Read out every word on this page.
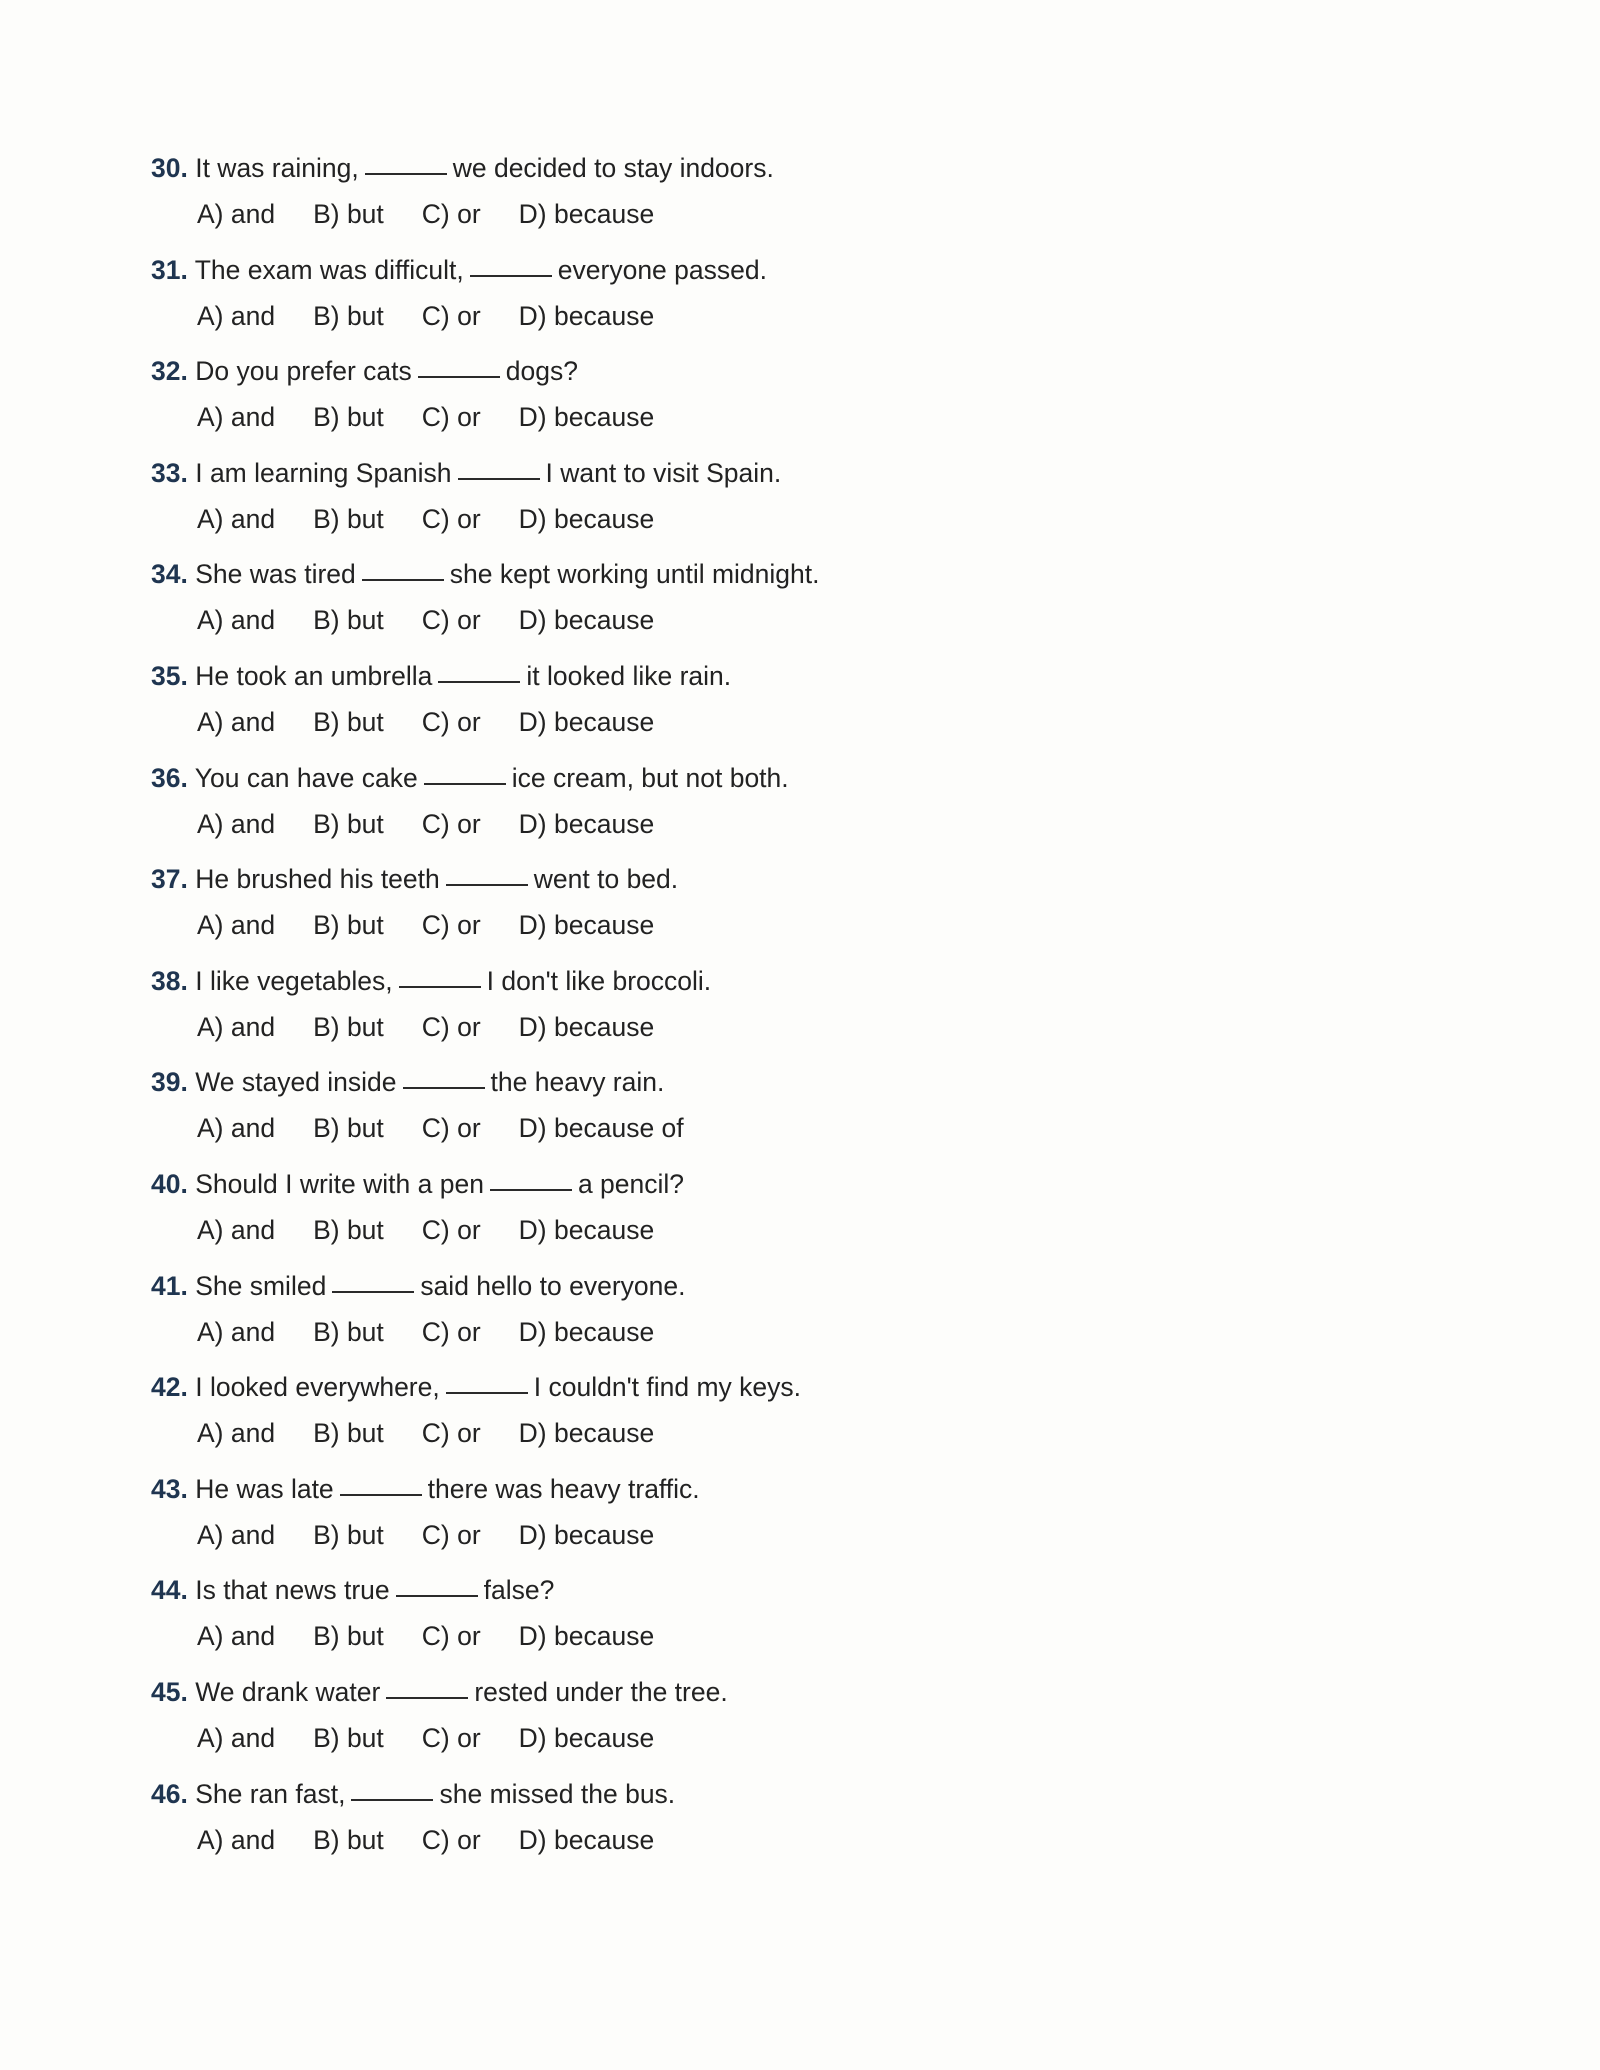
30. It was raining,	we decided to stay indoors.
A) and B) but C) or D) because
31. The exam was difficult,	everyone passed.
A) and B) but C) or D) because
32. Do you prefer cats	dogs?
A) and B) but C) or D) because
33. I am learning Spanish	I want to visit Spain.
A) and B) but C) or D) because
34. She was tired	she kept working until midnight.
A) and B) but C) or D) because
35. He took an umbrella	it looked like rain.
A) and B) but C) or D) because
36. You can have cake	ice cream, but not both.
A) and B) but C) or D) because
37. He brushed his teeth	went to bed.
A) and B) but C) or D) because
38. I like vegetables,	I don't like broccoli.
A) and B) but C) or D) because
39. We stayed inside	the heavy rain.
A) and B) but C) or D) because of
40. Should I write with a pen	a pencil?
A) and B) but C) or D) because
41. She smiled	said hello to everyone.
A) and B) but C) or D) because
42. I looked everywhere,	I couldn't find my keys.
A) and B) but C) or D) because
43. He was late	there was heavy traffic.
A) and B) but C) or D) because
44. Is that news true	false?
A) and B) but C) or D) because
45. We drank water	rested under the tree.
A) and B) but C) or D) because
46. She ran fast,	she missed the bus.
A) and B) but C) or D) because
